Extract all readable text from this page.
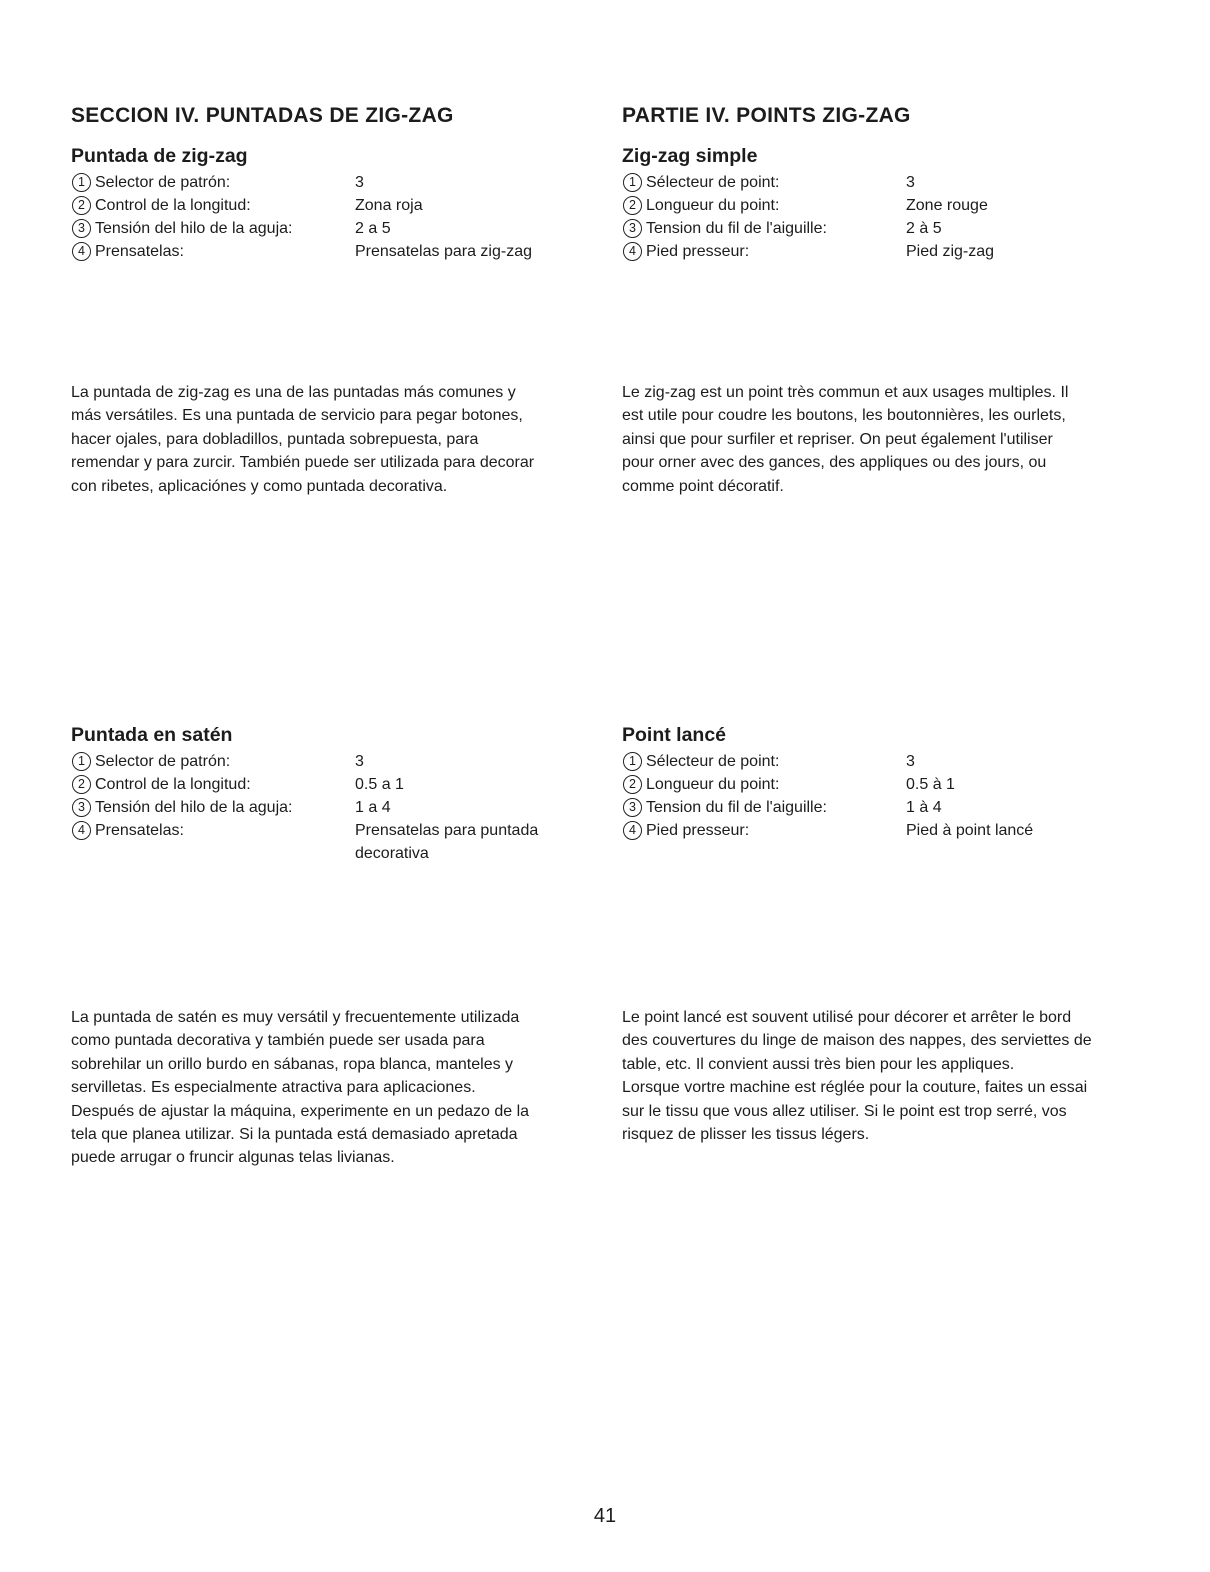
SECCION IV. PUNTADAS DE ZIG-ZAG
Puntada de zig-zag
1 Selector de patrón:	3
2 Control de la longitud:	Zona roja
3 Tensión del hilo de la aguja:	2 a 5
4 Prensatelas:	Prensatelas para zig-zag
La puntada de zig-zag es una de las puntadas más comunes y
más versátiles. Es una puntada de servicio para pegar botones,
hacer ojales, para dobladillos, puntada sobrepuesta, para
remendar y para zurcir. También puede ser utilizada para decorar
con ribetes, aplicaciónes y como puntada decorativa.
Puntada en satén
1 Selector de patrón:	3
2 Control de la longitud:	0.5 a 1
3 Tensión del hilo de la aguja:	1 a 4
4 Prensatelas:	Prensatelas para puntada decorativa
La puntada de satén es muy versátil y frecuentemente utilizada
como puntada decorativa y también puede ser usada para
sobrehilar un orillo burdo en sábanas, ropa blanca, manteles y
servilletas. Es especialmente atractiva para aplicaciones.
Después de ajustar la máquina, experimente en un pedazo de la
tela que planea utilizar. Si la puntada está demasiado apretada
puede arrugar o fruncir algunas telas livianas.
PARTIE IV. POINTS ZIG-ZAG
Zig-zag simple
1 Sélecteur de point:	3
2 Longueur du point:	Zone rouge
3 Tension du fil de l'aiguille:	2 à 5
4 Pied presseur:	Pied zig-zag
Le zig-zag est un point très commun et aux usages multiples. Il
est utile pour coudre les boutons, les boutonnières, les ourlets,
ainsi que pour surfiler et repriser. On peut également l'utiliser
pour orner avec des gances, des appliques ou des jours, ou
comme point décoratif.
Point lancé
1 Sélecteur de point:	3
2 Longueur du point:	0.5 à 1
3 Tension du fil de l'aiguille:	1 à 4
4 Pied presseur:	Pied à point lancé
Le point lancé est souvent utilisé pour décorer et arrêter le bord
des couvertures du linge de maison des nappes, des serviettes de
table, etc. Il convient aussi très bien pour les appliques.
Lorsque vortre machine est réglée pour la couture, faites un essai
sur le tissu que vous allez utiliser. Si le point est trop serré, vos
risquez de plisser les tissus légers.
41
